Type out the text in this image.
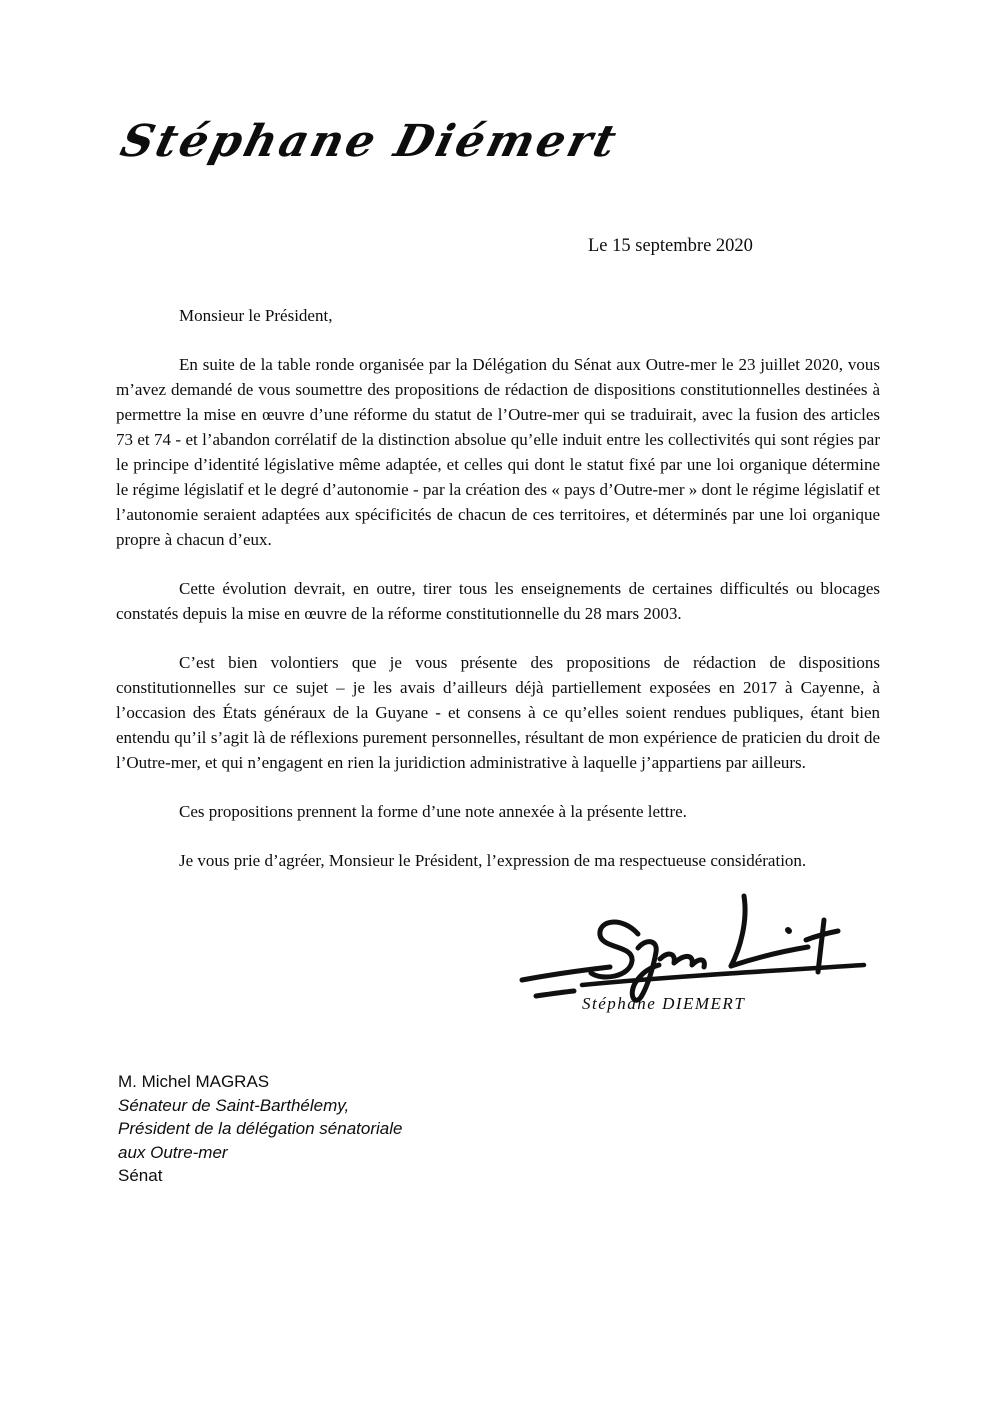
Stéphane Diémert
Le 15 septembre 2020

Monsieur le Président,

En suite de la table ronde organisée par la Délégation du Sénat aux Outre-mer le 23 juillet 2020, vous m’avez demandé de vous soumettre des propositions de rédaction de dispositions constitutionnelles destinées à permettre la mise en œuvre d’une réforme du statut de l’Outre-mer qui se traduirait, avec la fusion des articles 73 et 74 - et l’abandon corrélatif de la distinction absolue qu’elle induit entre les collectivités qui sont régies par le principe d’identité législative même adaptée, et celles qui dont le statut fixé par une loi organique détermine le régime législatif et le degré d’autonomie - par la création des « pays d’Outre-mer » dont le régime législatif et l’autonomie seraient adaptées aux spécificités de chacun de ces territoires, et déterminés par une loi organique propre à chacun d’eux.

Cette évolution devrait, en outre, tirer tous les enseignements de certaines difficultés ou blocages constatés depuis la mise en œuvre de la réforme constitutionnelle du 28 mars 2003.

C’est bien volontiers que je vous présente des propositions de rédaction de dispositions constitutionnelles sur ce sujet – je les avais d’ailleurs déjà partiellement exposées en 2017 à Cayenne, à l’occasion des États généraux de la Guyane - et consens à ce qu’elles soient rendues publiques, étant bien entendu qu’il s’agit là de réflexions purement personnelles, résultant de mon expérience de praticien du droit de l’Outre-mer, et qui n’engagent en rien la juridiction administrative à laquelle j’appartiens par ailleurs.

Ces propositions prennent la forme d’une note annexée à la présente lettre.

Je vous prie d’agréer, Monsieur le Président, l’expression de ma respectueuse considération.

Stéphane DIEMERT
M. Michel MAGRAS
Sénateur de Saint-Barthélemy,
Président de la délégation sénatoriale
aux Outre-mer
Sénat
